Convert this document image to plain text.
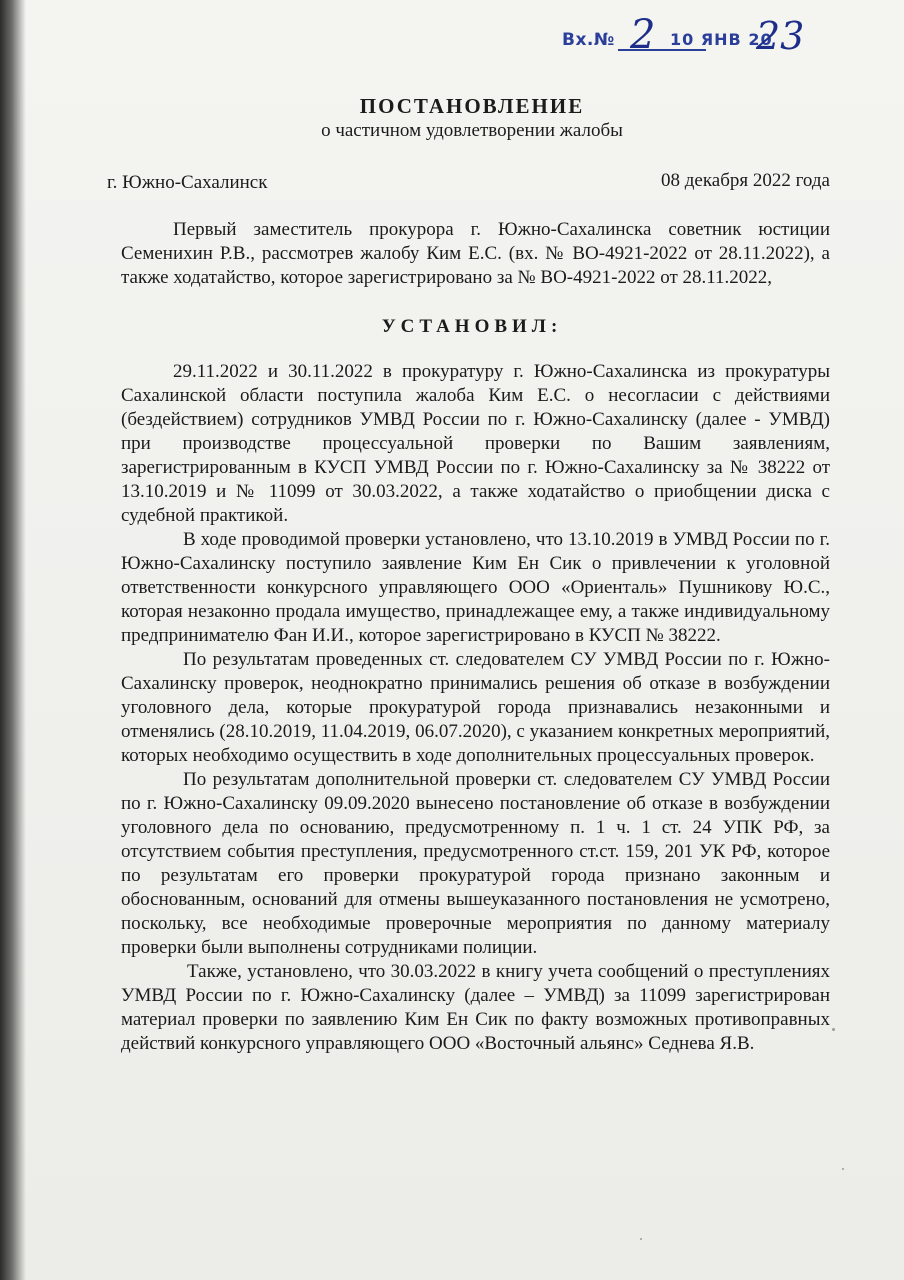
Вх.№ 2 10 ЯНВ 20
23
ПОСТАНОВЛЕНИЕ
о частичном удовлетворении жалобы
г. Южно-Сахалинск	08 декабря 2022 года

Первый заместитель прокурора г. Южно-Сахалинска советник юстиции Семенихин Р.В., рассмотрев жалобу Ким Е.С. (вх. № ВО-4921-2022 от 28.11.2022), а также ходатайство, которое зарегистрировано за № ВО-4921-2022 от 28.11.2022,

УСТАНОВИЛ:

29.11.2022 и 30.11.2022 в прокуратуру г. Южно-Сахалинска из прокуратуры Сахалинской области поступила жалоба Ким Е.С. о несогласии с действиями (бездействием) сотрудников УМВД России по г. Южно-Сахалинску (далее - УМВД) при производстве процессуальной проверки по Вашим заявлениям, зарегистрированным в КУСП УМВД России по г. Южно-Сахалинску за № 38222 от 13.10.2019 и № 11099 от 30.03.2022, а также ходатайство о приобщении диска с судебной практикой.

В ходе проводимой проверки установлено, что 13.10.2019 в УМВД России по г. Южно-Сахалинску поступило заявление Ким Ен Сик о привлечении к уголовной ответственности конкурсного управляющего ООО «Ориенталь» Пушникову Ю.С., которая незаконно продала имущество, принадлежащее ему, а также индивидуальному предпринимателю Фан И.И., которое зарегистрировано в КУСП № 38222.

По результатам проведенных ст. следователем СУ УМВД России по г. Южно-Сахалинску проверок, неоднократно принимались решения об отказе в возбуждении уголовного дела, которые прокуратурой города признавались незаконными и отменялись (28.10.2019, 11.04.2019, 06.07.2020), с указанием конкретных мероприятий, которых необходимо осуществить в ходе дополнительных процессуальных проверок.

По результатам дополнительной проверки ст. следователем СУ УМВД России по г. Южно-Сахалинску 09.09.2020 вынесено постановление об отказе в возбуждении уголовного дела по основанию, предусмотренному п. 1 ч. 1 ст. 24 УПК РФ, за отсутствием события преступления, предусмотренного ст.ст. 159, 201 УК РФ, которое по результатам его проверки прокуратурой города признано законным и обоснованным, оснований для отмены вышеуказанного постановления не усмотрено, поскольку, все необходимые проверочные мероприятия по данному материалу проверки были выполнены сотрудниками полиции.

Также, установлено, что 30.03.2022 в книгу учета сообщений о преступлениях УМВД России по г. Южно-Сахалинску (далее – УМВД) за 11099 зарегистрирован материал проверки по заявлению Ким Ен Сик по факту возможных противоправных действий конкурсного управляющего ООО «Восточный альянс» Седнева Я.В.
